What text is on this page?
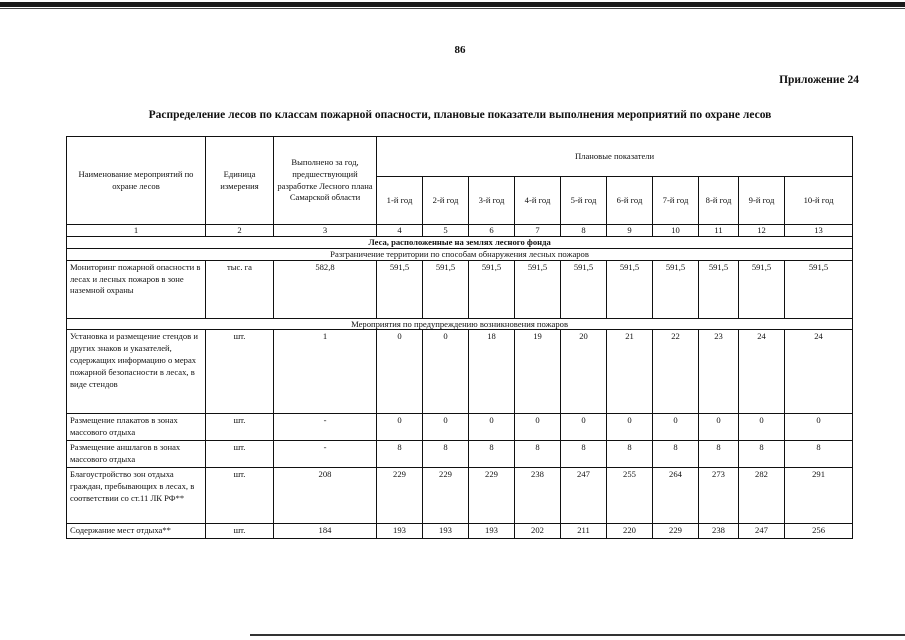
86
Приложение 24
Распределение лесов по классам пожарной опасности, плановые показатели выполнения мероприятий по охране лесов
Наименование мероприятий по охране лесов	Единица измерения	Выполнено за год, предшествующий разработке Лесного плана Самарской области	Плановые показатели									
			1-й год	2-й год	3-й год	4-й год	5-й год	6-й год	7-й год	8-й год	9-й год	10-й год
1	2	3	4	5	6	7	8	9	10	11	12	13
Леса, расположенные на землях лесного фонда												
Разграничение территории по способам обнаружения лесных пожаров												
Мониторинг пожарной опасности в лесах и лесных пожаров в зоне наземной охраны	тыс. га	582,8	591,5	591,5	591,5	591,5	591,5	591,5	591,5	591,5	591,5	591,5
Мероприятия по предупреждению возникновения пожаров												
Установка и размещение стендов и других знаков и указателей, содержащих информацию о мерах пожарной безопасности в лесах, в виде стендов	шт.	1	0	0	18	19	20	21	22	23	24	24
Размещение плакатов в зонах массового отдыха	шт.	-	0	0	0	0	0	0	0	0	0	0
Размещение аншлагов в зонах массового отдыха	шт.	-	8	8	8	8	8	8	8	8	8	8
Благоустройство зон отдыха граждан, пребывающих в лесах, в соответствии со ст.11 ЛК РФ**	шт.	208	229	229	229	238	247	255	264	273	282	291
Содержание мест отдыха**	шт.	184	193	193	193	202	211	220	229	238	247	256
